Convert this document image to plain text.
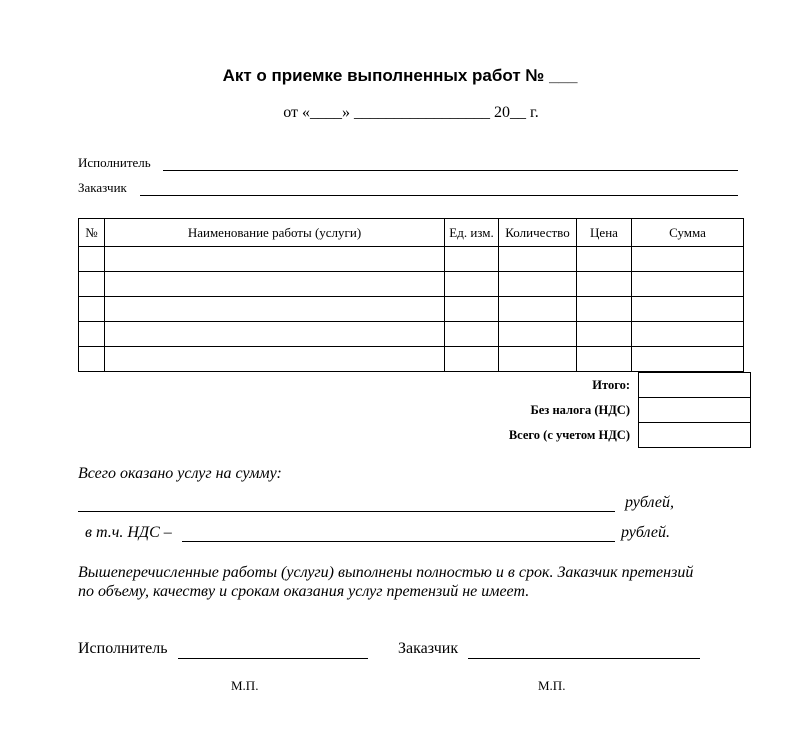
Акт о приемке выполненных работ № ___
от «____» _________________ 20__ г.
Исполнитель
Заказчик
№	Наименование работы (услуги)	Ед. изм.	Количество	Цена	Сумма

Итого:	
Без налога (НДС)	
Всего (с учетом НДС)	
Всего оказано услуг на сумму:
рублей,
в т.ч. НДС –	рублей.
Вышеперечисленные работы (услуги) выполнены полностью и в срок. Заказчик претензий
по объему, качеству и срокам оказания услуг претензий не имеет.
Исполнитель	Заказчик
М.П.	М.П.
